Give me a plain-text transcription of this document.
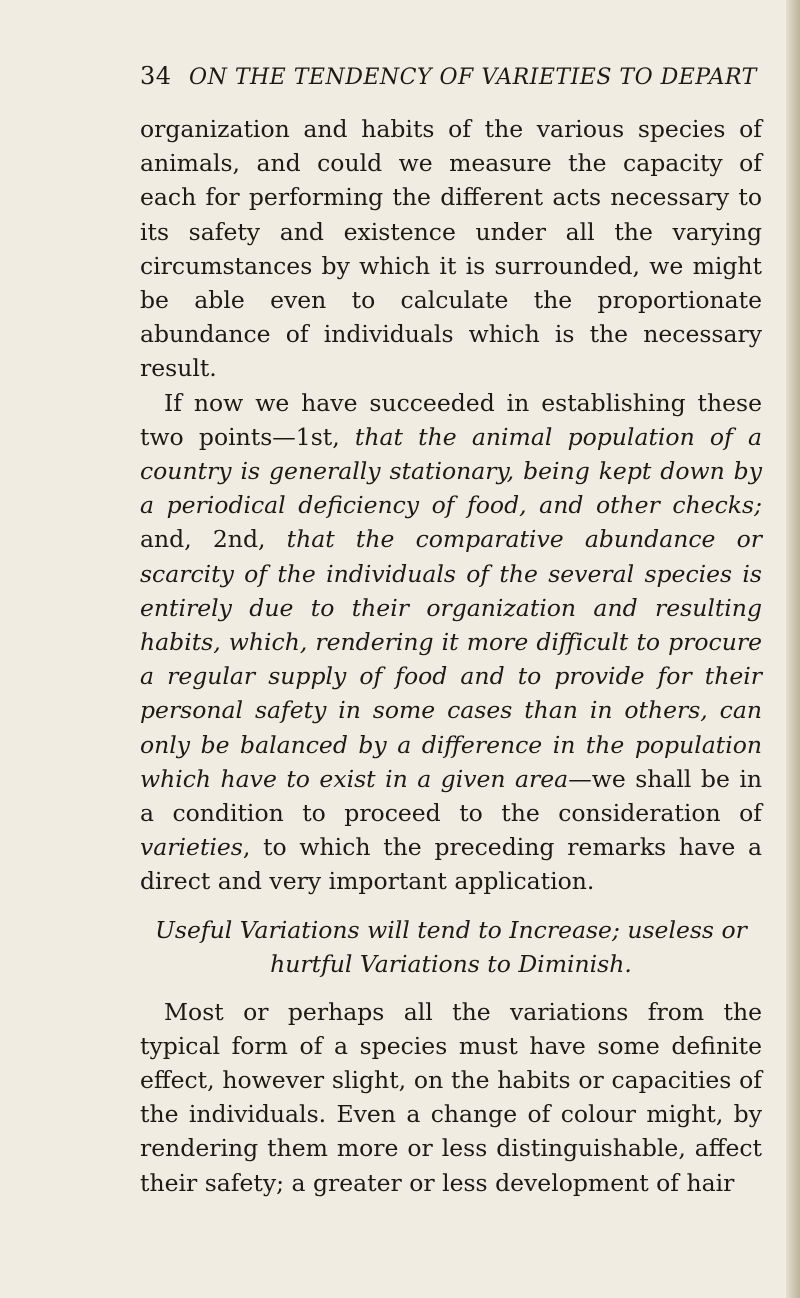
34 ON THE TENDENCY OF VARIETIES TO DEPART

organization and habits of the various species of animals, and could we measure the capacity of each for performing the different acts necessary to its safety and existence under all the varying circumstances by which it is surrounded, we might be able even to calculate the proportionate abundance of individuals which is the necessary result.

If now we have succeeded in establishing these two points—1st, that the animal population of a country is generally stationary, being kept down by a periodical deficiency of food, and other checks; and, 2nd, that the comparative abundance or scarcity of the individuals of the several species is entirely due to their organization and resulting habits, which, rendering it more difficult to procure a regular supply of food and to provide for their personal safety in some cases than in others, can only be balanced by a difference in the population which have to exist in a given area—we shall be in a condition to proceed to the consideration of varieties, to which the preceding remarks have a direct and very important application.

Useful Variations will tend to Increase; useless or hurtful Variations to Diminish.

Most or perhaps all the variations from the typical form of a species must have some definite effect, however slight, on the habits or capacities of the individuals. Even a change of colour might, by rendering them more or less distinguishable, affect their safety; a greater or less development of hair
